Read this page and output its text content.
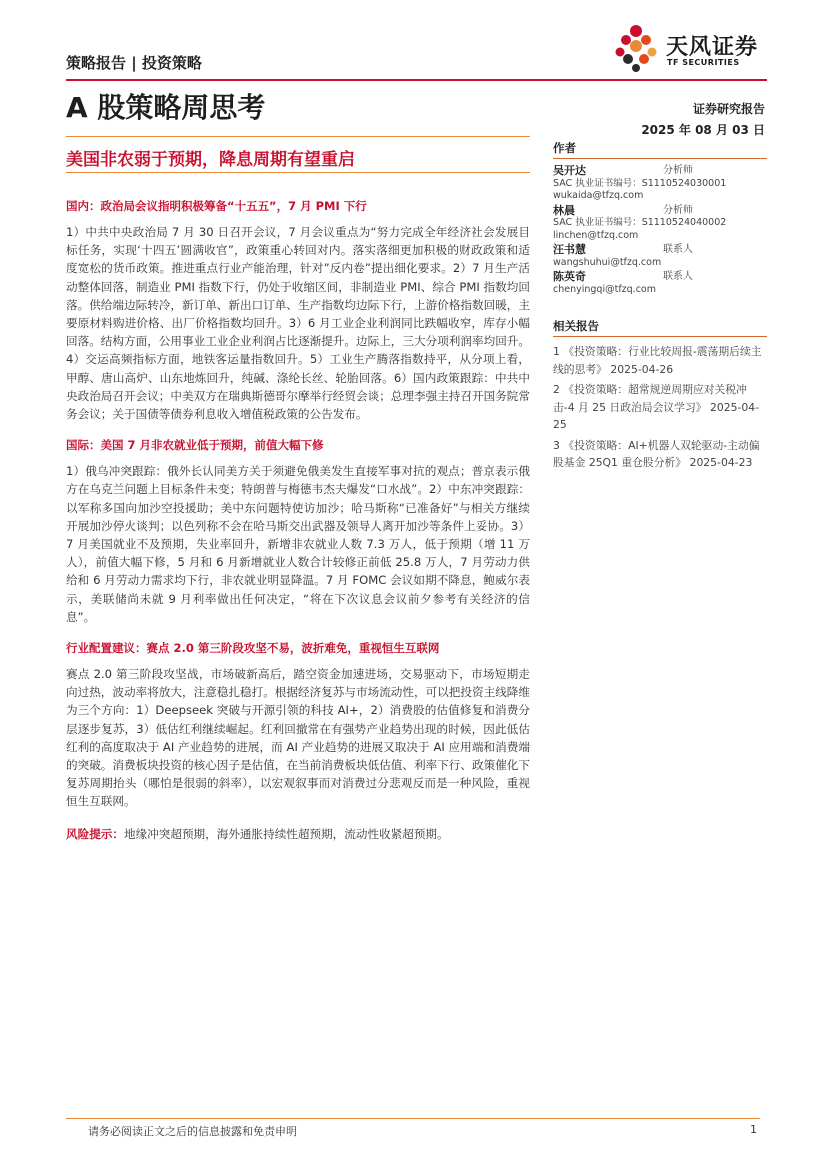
策略报告 | 投资策略
天风证券
TF SECURITIES
A 股策略周思考	证券研究报告
2025 年 08 月 03 日
美国非农弱于预期，降息周期有望重启
国内：政治局会议指明积极筹备“十五五”，7 月 PMI 下行

1）中共中央政治局 7 月 30 日召开会议，7 月会议重点为“努力完成全年经济社会发展目标任务，实现‘十四五’圆满收官”，政策重心转回对内。落实落细更加积极的财政政策和适度宽松的货币政策。推进重点行业产能治理，针对”反内卷”提出细化要求。2）7 月生产活动整体回落，制造业 PMI 指数下行，仍处于收缩区间，非制造业 PMI、综合 PMI 指数均回落。供给端边际转冷，新订单、新出口订单、生产指数均边际下行，上游价格指数回暖，主要原材料购进价格、出厂价格指数均回升。3）6 月工业企业利润同比跌幅收窄，库存小幅回落。结构方面，公用事业工业企业利润占比逐渐提升。边际上，三大分项利润率均回升。4）交运高频指标方面，地铁客运量指数回升。5）工业生产腾落指数持平，从分项上看，甲醇、唐山高炉、山东地炼回升，纯碱、涤纶长丝、轮胎回落。6）国内政策跟踪：中共中央政治局召开会议；中美双方在瑞典斯德哥尔摩举行经贸会谈；总理李强主持召开国务院常务会议；关于国债等债券利息收入增值税政策的公告发布。

国际：美国 7 月非农就业低于预期，前值大幅下修

1）俄乌冲突跟踪：俄外长认同美方关于须避免俄美发生直接军事对抗的观点；普京表示俄方在乌克兰问题上目标条件未变；特朗普与梅德韦杰夫爆发“口水战”。2）中东冲突跟踪：以军称多国向加沙空投援助；美中东问题特使访加沙；哈马斯称“已准备好”与相关方继续开展加沙停火谈判；以色列称不会在哈马斯交出武器及领导人离开加沙等条件上妥协。3）7 月美国就业不及预期，失业率回升，新增非农就业人数 7.3 万人，低于预期（增 11 万人），前值大幅下修，5 月和 6 月新增就业人数合计较修正前低 25.8 万人，7 月劳动力供给和 6 月劳动力需求均下行，非农就业明显降温。7 月 FOMC 会议如期不降息，鲍威尔表示，美联储尚未就 9 月利率做出任何决定，“将在下次议息会议前夕参考有关经济的信息”。

行业配置建议：赛点 2.0 第三阶段攻坚不易，波折难免，重视恒生互联网

赛点 2.0 第三阶段攻坚战，市场破新高后，踏空资金加速进场，交易驱动下，市场短期走向过热，波动率将放大，注意稳扎稳打。根据经济复苏与市场流动性，可以把投资主线降维为三个方向：1）Deepseek 突破与开源引领的科技 AI+，2）消费股的估值修复和消费分层逐步复苏，3）低估红利继续崛起。红利回撤常在有强势产业趋势出现的时候，因此低估红利的高度取决于 AI 产业趋势的进展，而 AI 产业趋势的进展又取决于 AI 应用端和消费端的突破。消费板块投资的核心因子是估值，在当前消费板块低估值、利率下行、政策催化下复苏周期抬头（哪怕是很弱的斜率），以宏观叙事而对消费过分悲观反而是一种风险，重视恒生互联网。

风险提示：地缘冲突超预期，海外通胀持续性超预期，流动性收紧超预期。

作者
吴开达	分析师
SAC 执业证书编号：S1110524030001
wukaida@tfzq.com
林晨	分析师
SAC 执业证书编号：S1110524040002
linchen@tfzq.com
汪书慧	联系人
wangshuhui@tfzq.com
陈英奇	联系人
chenyingqi@tfzq.com
相关报告
1 《投资策略：行业比较周报-震荡期后续主线的思考》 2025-04-26
2 《投资策略：超常规逆周期应对关税冲击-4 月 25 日政治局会议学习》 2025-04-25
3 《投资策略：AI+机器人双轮驱动-主动偏股基金 25Q1 重仓股分析》 2025-04-23
请务必阅读正文之后的信息披露和免责申明	1
